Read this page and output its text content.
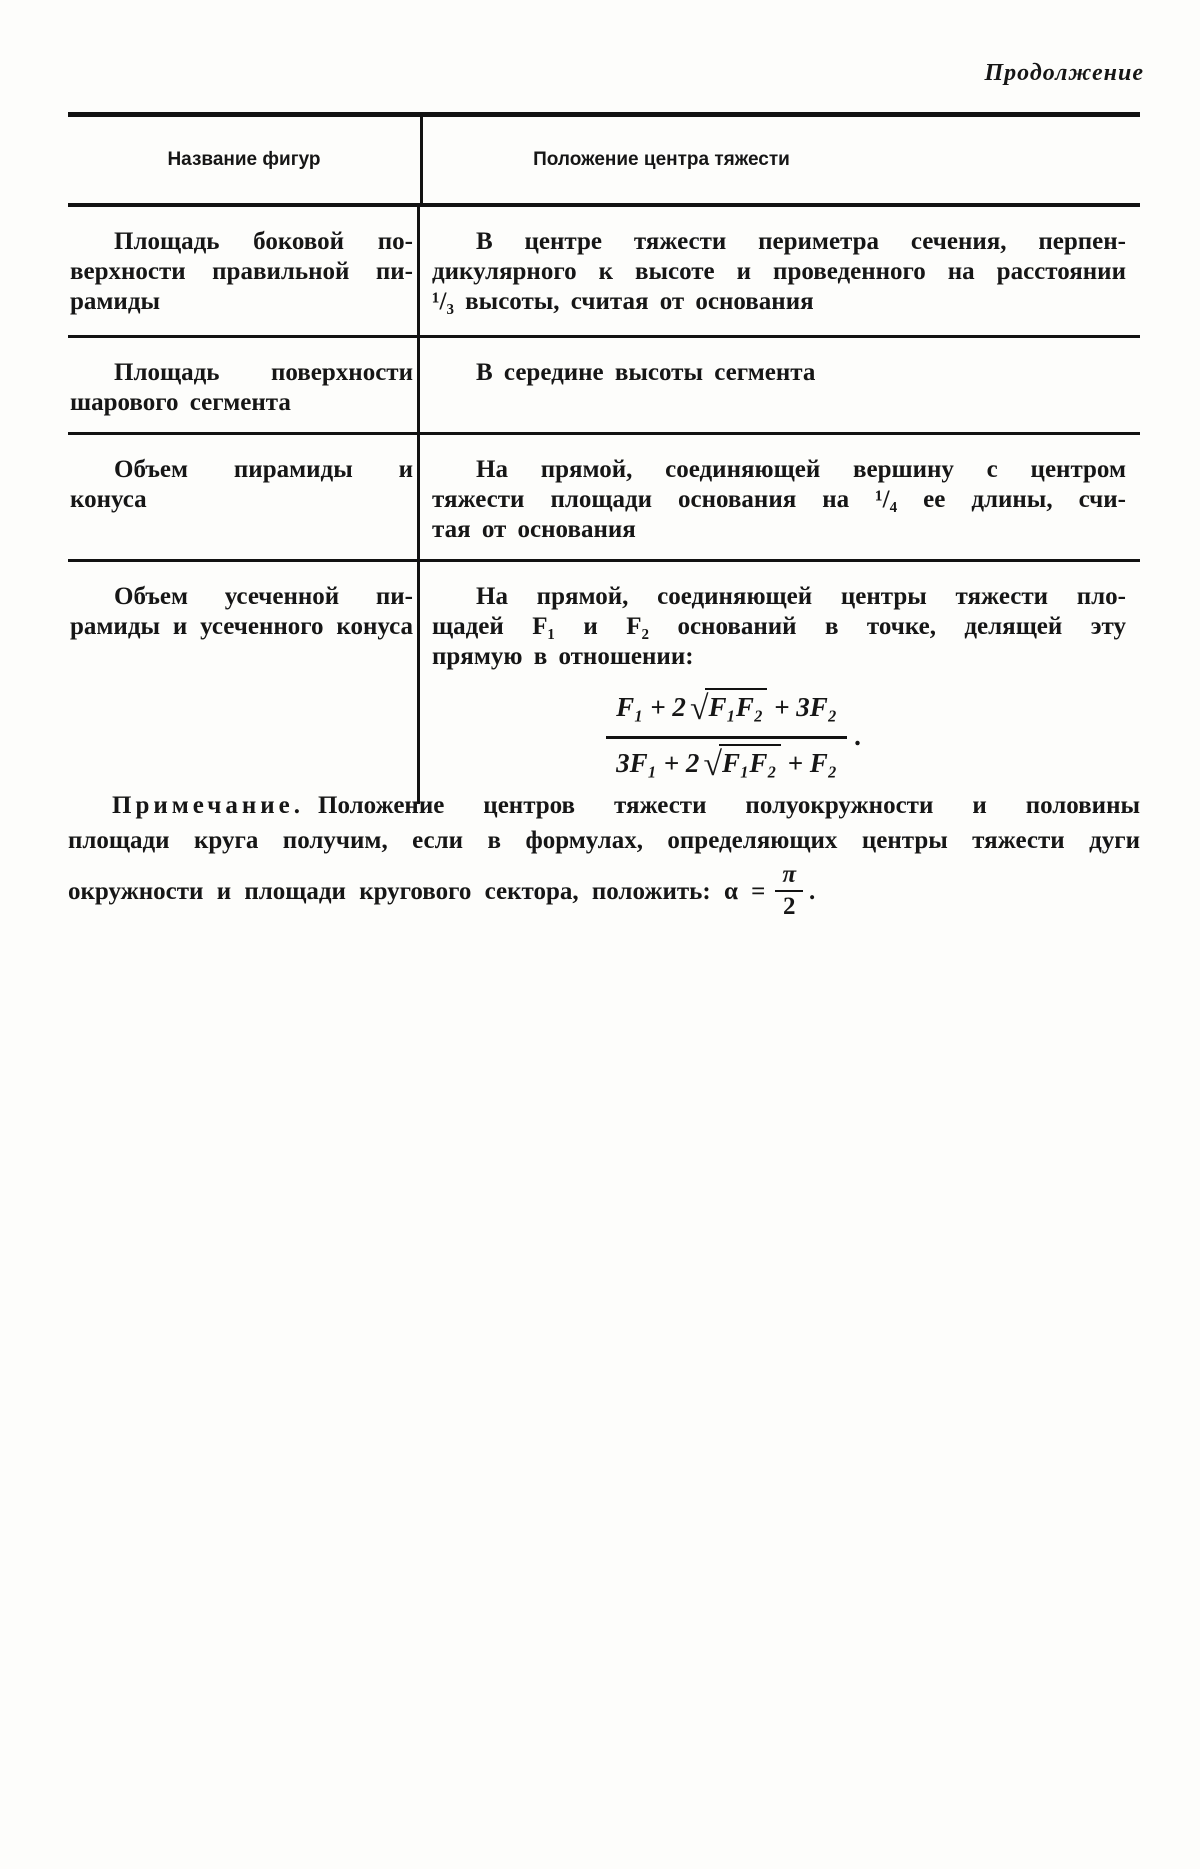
Продолжение
Название фигур	Положение центра тяжести
Площадь боковой по-
верхности правильной пи-
рамиды
В центре тяжести периметра сечения, перпен-
дикулярного к высоте и проведенного на расстоянии
¹/₃ высоты, считая от основания
Площадь поверхности
шарового сегмента
В середине высоты сегмента
Объем пирамиды и
конуса
На прямой, соединяющей вершину с центром
тяжести площади основания на ¹/₄ ее длины, счи-
тая от основания
Объем усеченной пи-
рамиды и усеченного конуса
На прямой, соединяющей центры тяжести пло-
щадей F₁ и F₂ оснований в точке, делящей эту
прямую в отношении:
$\frac{\text{F₁ + 2 √F₁F₂ + 3F₂}}{\text{3F₁ + 2 √F₁F₂ + F₂}}$ .
Примечание. Положение центров тяжести полуокружности и половины
площади круга получим, если в формулах, определяющих центры тяжести дуги
окружности и площади кругового сектора, положить: $\alpha = \frac{\pi}{2}$ .
